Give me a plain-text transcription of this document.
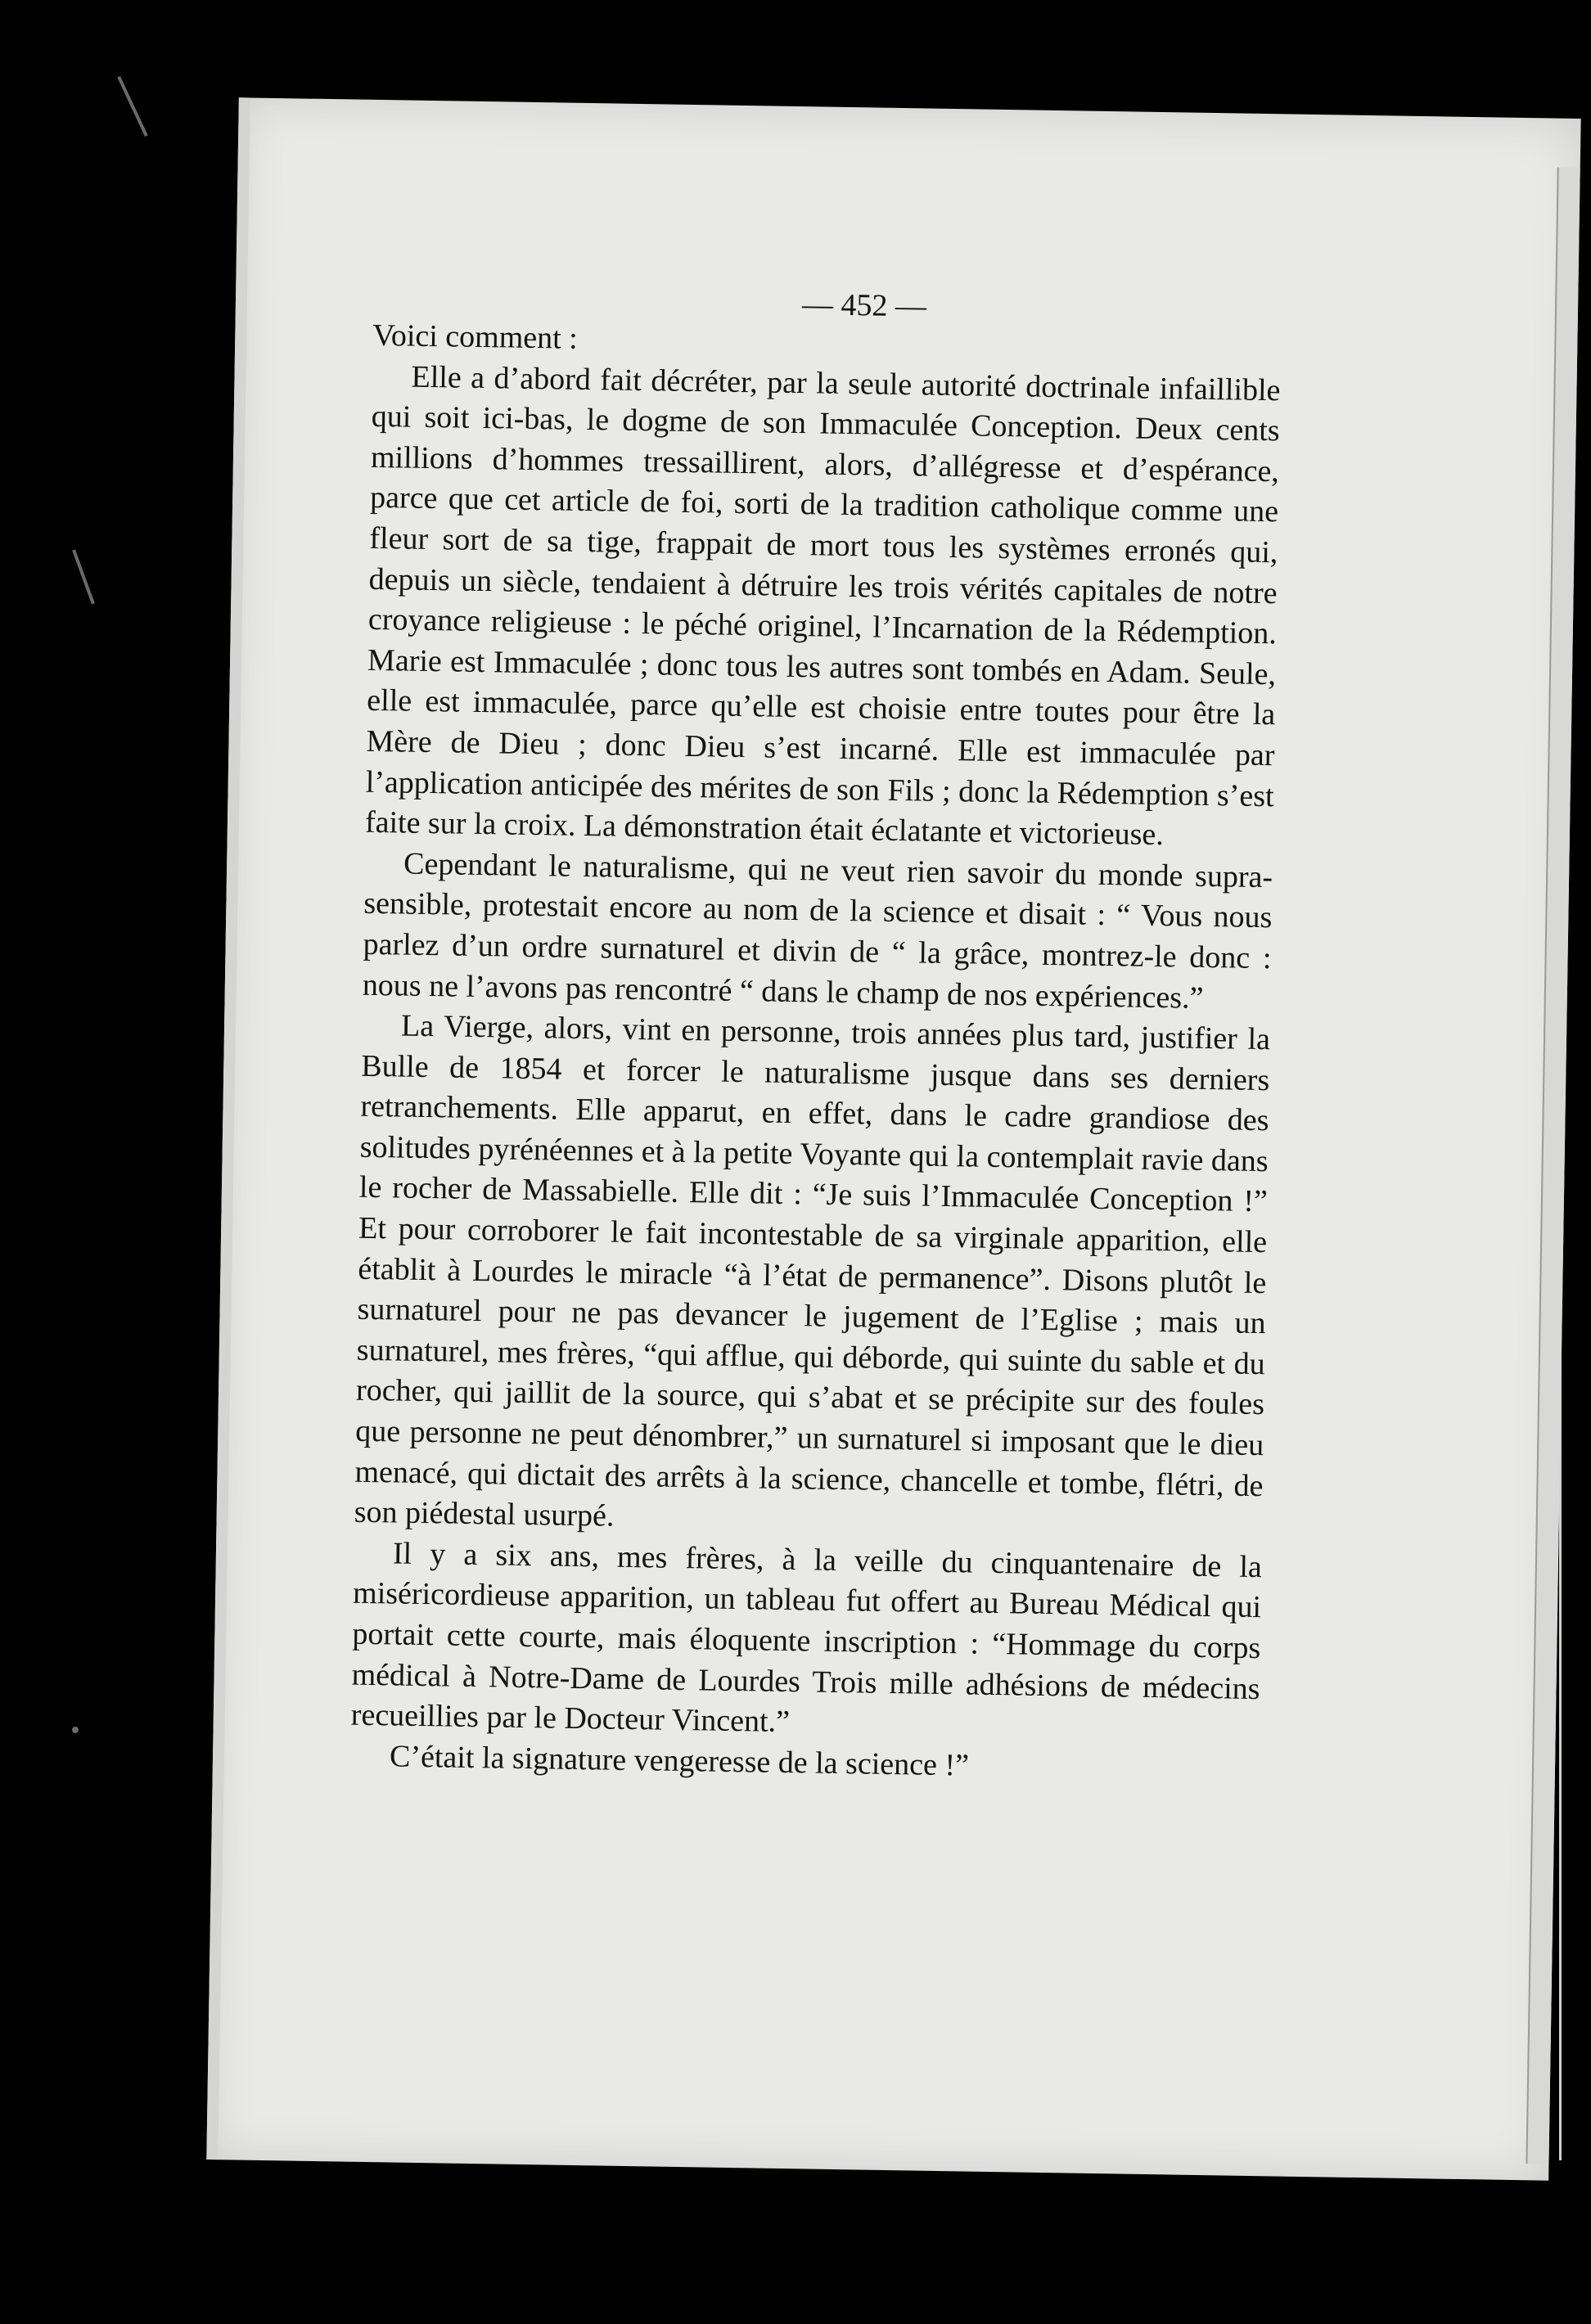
— 452 —

Voici comment :

Elle a d’abord fait décréter, par la seule autorité doctrinale infaillible qui soit ici-bas, le dogme de son Immaculée Conception. Deux cents millions d’hommes tressaillirent, alors, d’allégresse et d’espérance, parce que cet article de foi, sorti de la tradition catholique comme une fleur sort de sa tige, frappait de mort tous les systèmes erronés qui, depuis un siècle, tendaient à détruire les trois vérités capitales de notre croyance religieuse : le péché originel, l’Incarnation de la Rédemption. Marie est Immaculée ; donc tous les autres sont tombés en Adam. Seule, elle est immaculée, parce qu’elle est choisie entre toutes pour être la Mère de Dieu ; donc Dieu s’est incarné. Elle est immaculée par l’application anticipée des mérites de son Fils ; donc la Rédemption s’est faite sur la croix. La démonstration était éclatante et victorieuse.

Cependant le naturalisme, qui ne veut rien savoir du monde supra-sensible, protestait encore au nom de la science et disait : “ Vous nous parlez d’un ordre surnaturel et divin de “ la grâce, montrez-le donc : nous ne l’avons pas rencontré “ dans le champ de nos expériences.”

La Vierge, alors, vint en personne, trois années plus tard, justifier la Bulle de 1854 et forcer le naturalisme jusque dans ses derniers retranchements. Elle apparut, en effet, dans le cadre grandiose des solitudes pyrénéennes et à la petite Voyante qui la contemplait ravie dans le rocher de Massabielle. Elle dit : “Je suis l’Immaculée Conception !” Et pour corroborer le fait incontestable de sa virginale apparition, elle établit à Lourdes le miracle “à l’état de permanence”. Disons plutôt le surnaturel pour ne pas devancer le jugement de l’Eglise ; mais un surnaturel, mes frères, “qui afflue, qui déborde, qui suinte du sable et du rocher, qui jaillit de la source, qui s’abat et se précipite sur des foules que personne ne peut dénombrer,” un surnaturel si imposant que le dieu menacé, qui dictait des arrêts à la science, chancelle et tombe, flétri, de son piédestal usurpé.

Il y a six ans, mes frères, à la veille du cinquantenaire de la miséricordieuse apparition, un tableau fut offert au Bureau Médical qui portait cette courte, mais éloquente inscription : “Hommage du corps médical à Notre-Dame de Lourdes Trois mille adhésions de médecins recueillies par le Docteur Vincent.”

C’était la signature vengeresse de la science !”
